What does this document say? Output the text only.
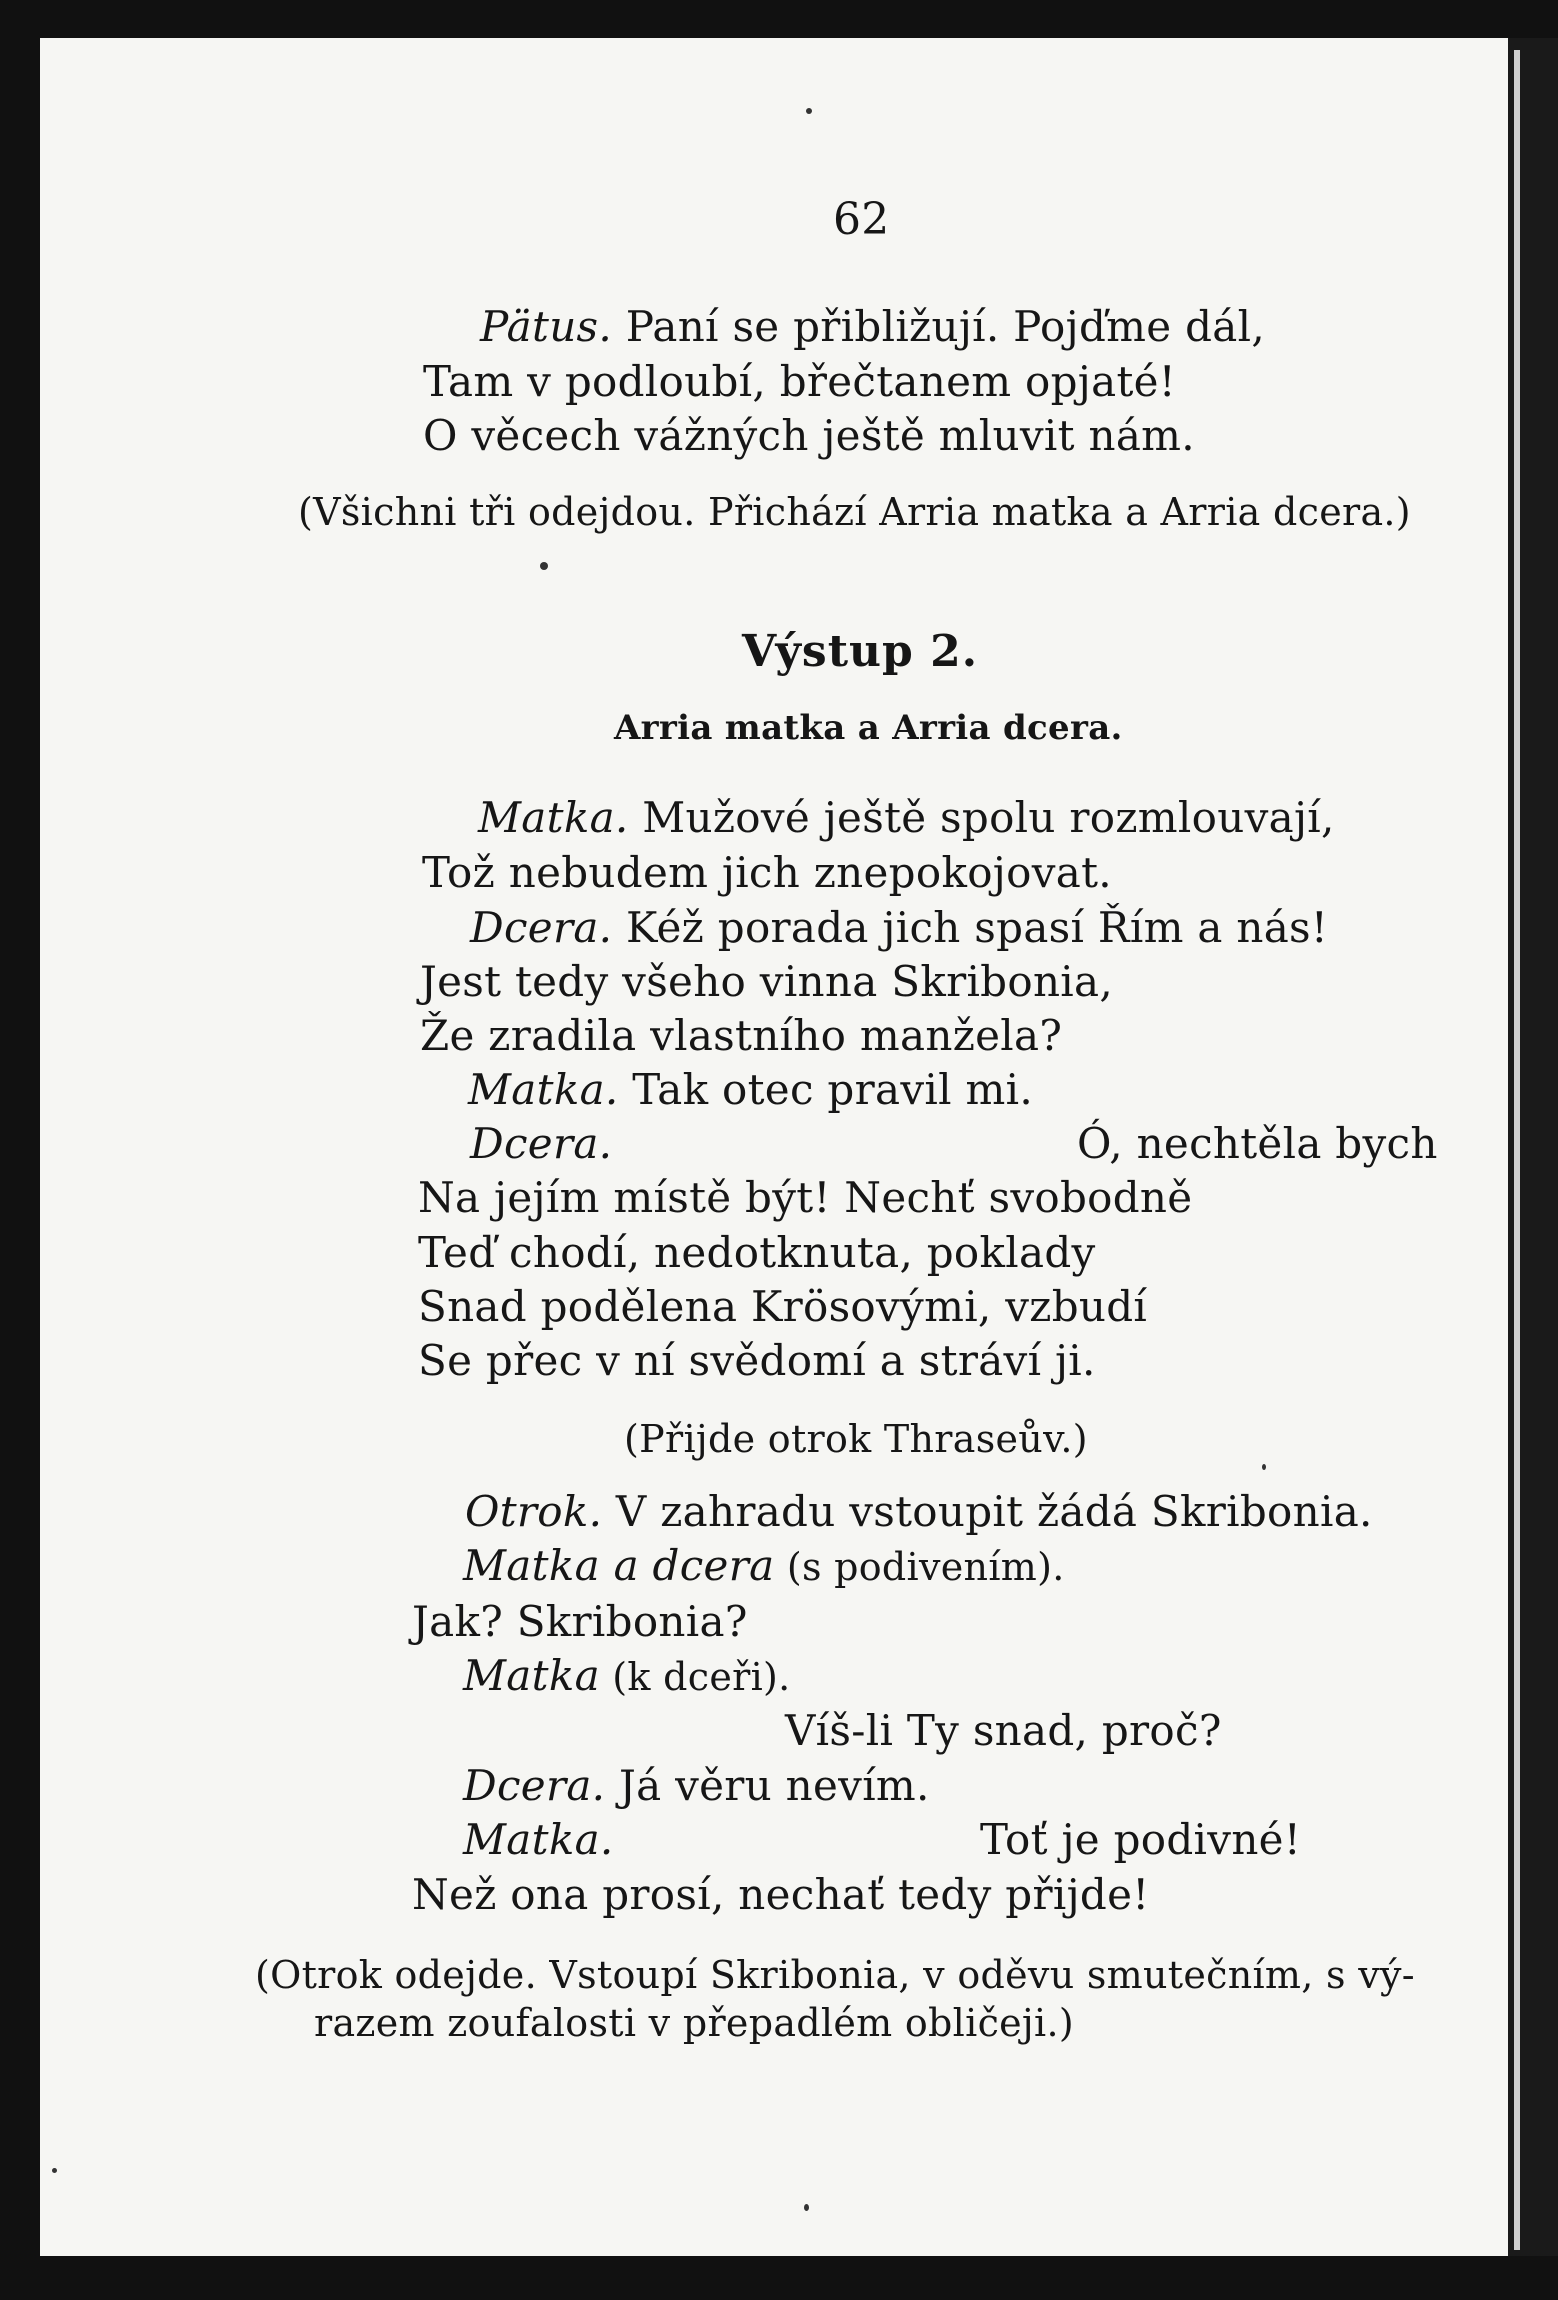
62
Pätus. Paní se přibližují. Pojďme dál,
Tam v podloubí, břečtanem opjaté!
O věcech vážných ještě mluvit nám.
(Všichni tři odejdou. Přichází Arria matka a Arria dcera.)
Výstup 2.
Arria matka a Arria dcera.
Matka. Mužové ještě spolu rozmlouvají,
Tož nebudem jich znepokojovat.
Dcera. Kéž porada jich spasí Řím a nás!
Jest tedy všeho vinna Skribonia,
Že zradila vlastního manžela?
Matka. Tak otec pravil mi.
Dcera.	Ó, nechtěla bych
Na jejím místě být! Nechť svobodně
Teď chodí, nedotknuta, poklady
Snad podělena Krösovými, vzbudí
Se přec v ní svědomí a stráví ji.
(Přijde otrok Thraseův.)
Otrok. V zahradu vstoupit žádá Skribonia.
Matka a dcera (s podivením).
Jak? Skribonia?
Matka (k dceři).
Víš-li Ty snad, proč?
Dcera. Já věru nevím.
Matka.	Toť je podivné!
Než ona prosí, nechať tedy přijde!
(Otrok odejde. Vstoupí Skribonia, v oděvu smutečním, s vý-
razem zoufalosti v přepadlém obličeji.)
